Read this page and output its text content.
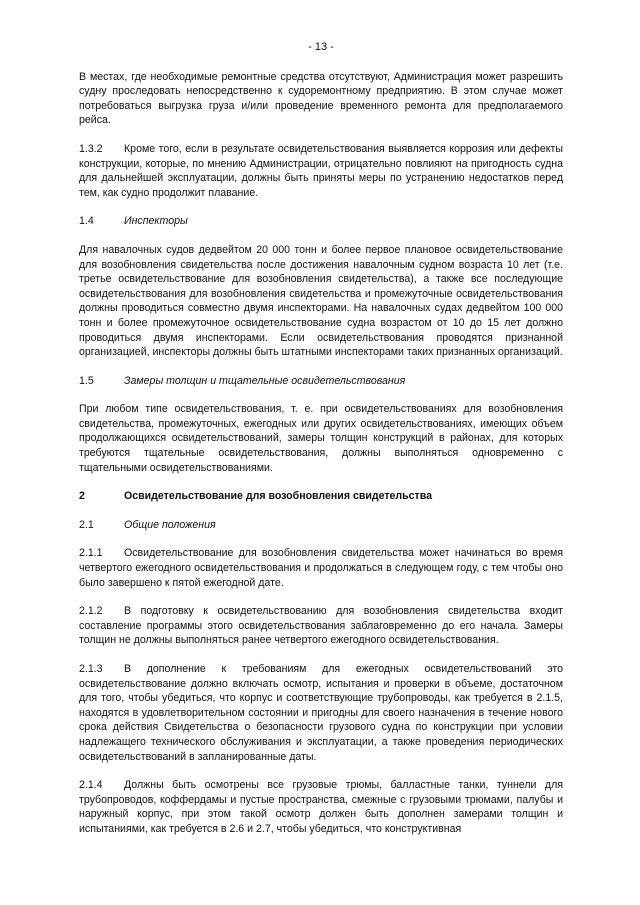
- 13 -

В местах, где необходимые ремонтные средства отсутствуют, Администрация может разрешить судну проследовать непосредственно к судоремонтному предприятию. В этом случае может потребоваться выгрузка груза и/или проведение временного ремонта для предполагаемого рейса.

1.3.2 Кроме того, если в результате освидетельствования выявляется коррозия или дефекты конструкции, которые, по мнению Администрации, отрицательно повлияют на пригодность судна для дальнейшей эксплуатации, должны быть приняты меры по устранению недостатков перед тем, как судно продолжит плавание.

1.4	Инспекторы

Для навалочных судов дедвейтом 20 000 тонн и более первое плановое освидетельствование для возобновления свидетельства после достижения навалочным судном возраста 10 лет (т.е. третье освидетельствование для возобновления свидетельства), а также все последующие освидетельствования для возобновления свидетельства и промежуточные освидетельствования должны проводиться совместно двумя инспекторами. На навалочных судах дедвейтом 100 000 тонн и более промежуточное освидетельствование судна возрастом от 10 до 15 лет должно проводиться двумя инспекторами. Если освидетельствования проводятся признанной организацией, инспекторы должны быть штатными инспекторами таких признанных организаций.

1.5	Замеры толщин и тщательные освидетельствования

При любом типе освидетельствования, т. е. при освидетельствованиях для возобновления свидетельства, промежуточных, ежегодных или других освидетельствованиях, имеющих объем продолжающихся освидетельствований, замеры толщин конструкций в районах, для которых требуются тщательные освидетельствования, должны выполняться одновременно с тщательными освидетельствованиями.

2	Освидетельствование для возобновления свидетельства
2.1	Общие положения

2.1.1 Освидетельствование для возобновления свидетельства может начинаться во время четвертого ежегодного освидетельствования и продолжаться в следующем году, с тем чтобы оно было завершено к пятой ежегодной дате.

2.1.2 В подготовку к освидетельствованию для возобновления свидетельства входит составление программы этого освидетельствования заблаговременно до его начала. Замеры толщин не должны выполняться ранее четвертого ежегодного освидетельствования.

2.1.3 В дополнение к требованиям для ежегодных освидетельствований это освидетельствование должно включать осмотр, испытания и проверки в объеме, достаточном для того, чтобы убедиться, что корпус и соответствующие трубопроводы, как требуется в 2.1.5, находятся в удовлетворительном состоянии и пригодны для своего назначения в течение нового срока действия Свидетельства о безопасности грузового судна по конструкции при условии надлежащего технического обслуживания и эксплуатации, а также проведения периодических освидетельствований в запланированные даты.

2.1.4 Должны быть осмотрены все грузовые трюмы, балластные танки, туннели для трубопроводов, коффердамы и пустые пространства, смежные с грузовыми трюмами, палубы и наружный корпус, при этом такой осмотр должен быть дополнен замерами толщин и испытаниями, как требуется в 2.6 и 2.7, чтобы убедиться, что конструктивная
